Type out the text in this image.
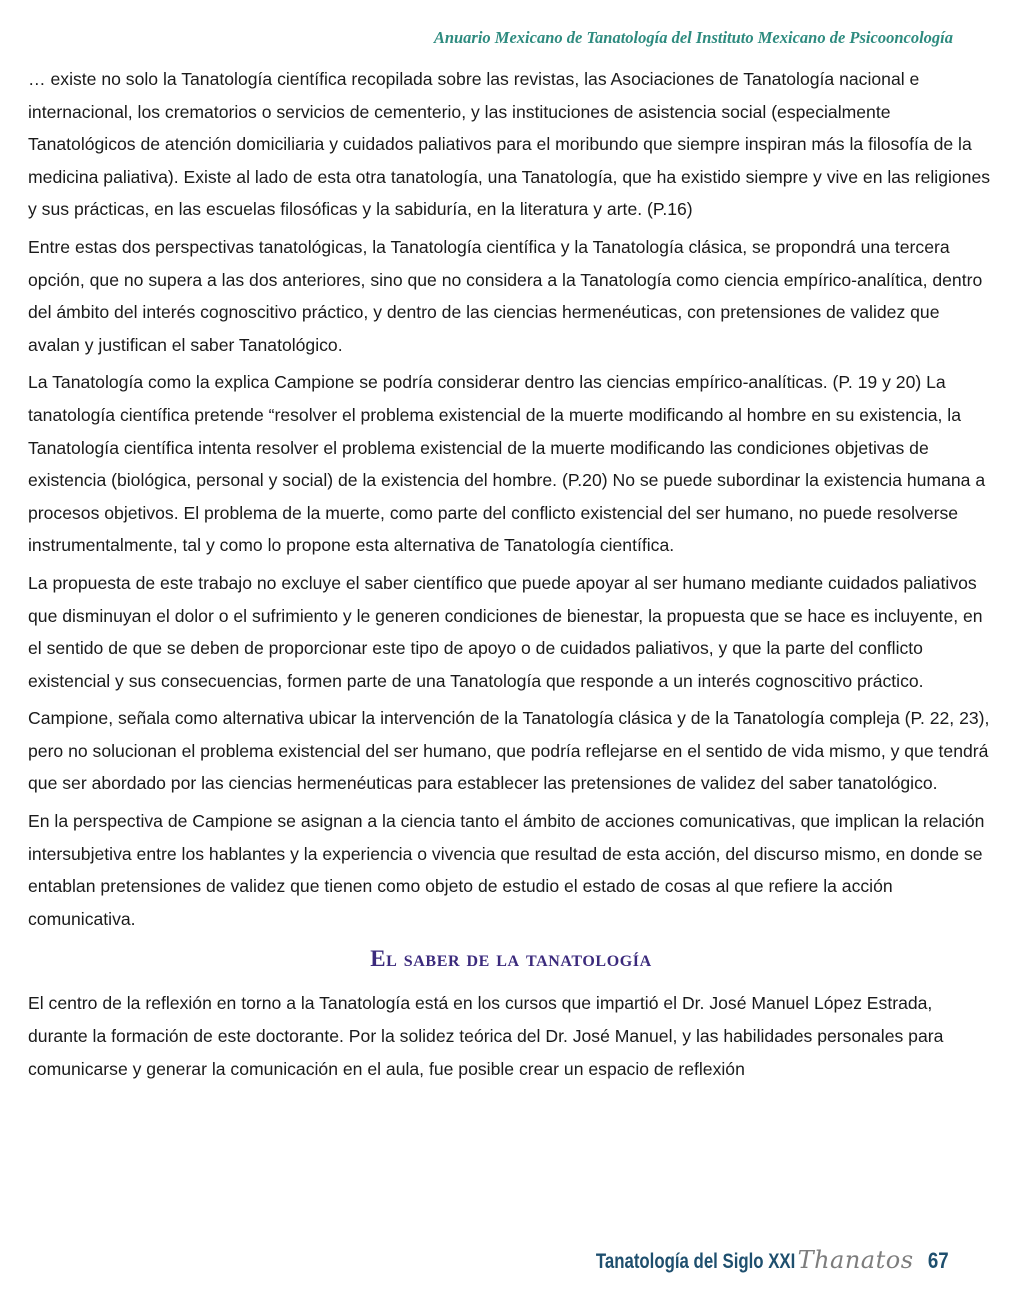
Anuario Mexicano de Tanatología del Instituto Mexicano de Psicooncología

… existe no solo la Tanatología científica recopilada sobre las revistas, las Asociaciones de Tanatología nacional e internacional, los crematorios o servicios de cementerio, y las instituciones de asistencia social (especialmente Tanatológicos de atención domiciliaria y cuidados paliativos para el moribundo que siempre inspiran más la filosofía de la medicina paliativa). Existe al lado de esta otra tanatología, una Tanatología, que ha existido siempre y vive en las religiones y sus prácticas, en las escuelas filosóficas y la sabiduría, en la literatura y arte. (P.16)

Entre estas dos perspectivas tanatológicas, la Tanatología científica y la Tanatología clásica, se propondrá una tercera opción, que no supera a las dos anteriores, sino que no considera a la Tanatología como ciencia empírico-analítica, dentro del ámbito del interés cognoscitivo práctico, y dentro de las ciencias hermenéuticas, con pretensiones de validez que avalan y justifican el saber Tanatológico.

La Tanatología como la explica Campione se podría considerar dentro las ciencias empírico-analíticas. (P. 19 y 20) La tanatología científica pretende “resolver el problema existencial de la muerte modificando al hombre en su existencia, la Tanatología científica intenta resolver el problema existencial de la muerte modificando las condiciones objetivas de existencia (biológica, personal y social) de la existencia del hombre. (P.20) No se puede subordinar la existencia humana a procesos objetivos. El problema de la muerte, como parte del conflicto existencial del ser humano, no puede resolverse instrumentalmente, tal y como lo propone esta alternativa de Tanatología científica.

La propuesta de este trabajo no excluye el saber científico que puede apoyar al ser humano mediante cuidados paliativos que disminuyan el dolor o el sufrimiento y le generen condiciones de bienestar, la propuesta que se hace es incluyente, en el sentido de que se deben de proporcionar este tipo de apoyo o de cuidados paliativos, y que la parte del conflicto existencial y sus consecuencias, formen parte de una Tanatología que responde a un interés cognoscitivo práctico.

Campione, señala como alternativa ubicar la intervención de la Tanatología clásica y de la Tanatología compleja (P. 22, 23), pero no solucionan el problema existencial del ser humano, que podría reflejarse en el sentido de vida mismo, y que tendrá que ser abordado por las ciencias hermenéuticas para establecer las pretensiones de validez del saber tanatológico.

En la perspectiva de Campione se asignan a la ciencia tanto el ámbito de acciones comunicativas, que implican la relación intersubjetiva entre los hablantes y la experiencia o vivencia que resultad de esta acción, del discurso mismo, en donde se entablan pretensiones de validez que tienen como objeto de estudio el estado de cosas al que refiere la acción comunicativa.

El saber de la tanatología

El centro de la reflexión en torno a la Tanatología está en los cursos que impartió el Dr. José Manuel López Estrada, durante la formación de este doctorante. Por la solidez teórica del Dr. José Manuel, y las habilidades personales para comunicarse y generar la comunicación en el aula, fue posible crear un espacio de reflexión

Tanatología del Siglo XXI Thanatos 67
